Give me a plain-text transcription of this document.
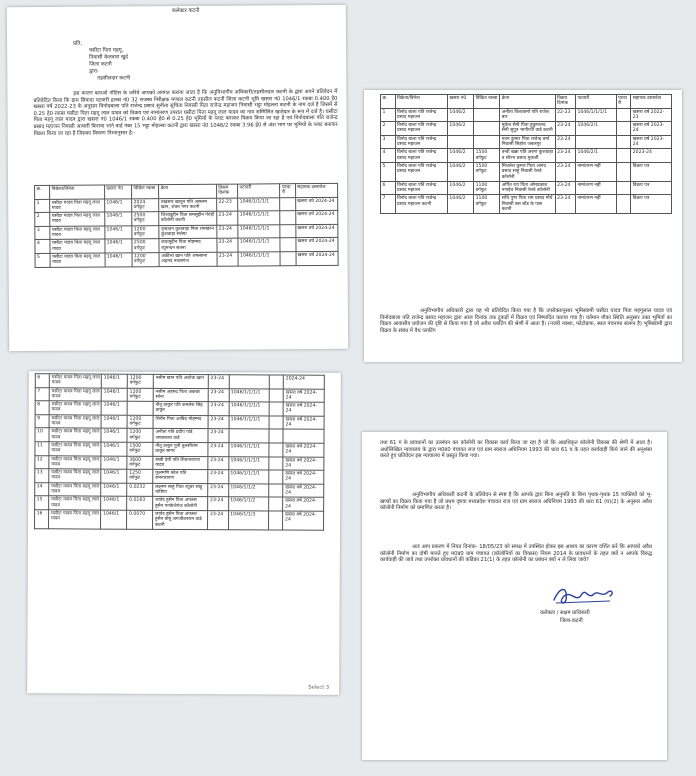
कलेक्टर कटनी
प्रति,
घसीटा पिता महगू,
निवासी केलवारा खुर्द
जिला कटनी
द्वारा-
तहसीलदार कटनी
इस कारण बताओ नोटिस के जरिये आपको अवगत कराया जाता है कि अनुविभागीय अधिकारी/तहसीलदार कटनी के द्वारा अपने प्रतिवेदन में प्रतिवेदित किया कि ग्राम सिवादा पटवारी हल्का नं0 32 राजस्व निरीक्षक मण्डल कटनी तहसील कटनी जिला कटनी भूमि खसरा नं0 1046/1 रकबा 0.400 हे0 खसरा वर्ष 2022-23 के अनुसार विनोदबाला पति राजेन्द्र प्रसाद सुनीता सुचिता निवासी पिता राजेन्द्र महाजन निवासी भट्टा मोहल्ला कटनी के नाम दर्ज है जिसमें से 0.25 हे0 रकबा घसीटा पिता महगू लाल यादव को विक्रय एवं नामांतरण उपरांत घसीटा पिता महगू लाल यादव का नाम सम्मिलित खातेदार के रूप में दर्ज है। घसीटा पिता महगू लाल यादव द्वारा खसरा नं0 1046/1 रकबा 0.400 हे0 से 0.25 हे0 भूमियों के प्लाट बनाकर विक्रय किया जा रहा है एवं विनोदबाला पति राजेन्द्र प्रसाद महाजन निवासी आधारी बिनाया भाने वार्ड नंबर 15 भट्टा मोहल्ला कटनी द्वारा खसरा नं0 1046/2 रकबा 3.96 हे0 से अंश भाग पर भूमियों के प्लाट बनाकर विक्रय किया जा रहा है जिसका विवरण निम्नानुसार है:-
क्र.	विक्रेता/विनेता	खसरा नं0	विक्रित रकबा	क्रेता	विक्रय दिनांक	पटवारी	पटवारी	सहायक दस्तावेज
1	घसीटा यादव पिता महगू लाल यादव	1046/1	2024 वर्गफुट	रुखसार खातून पति असलम खान, शंकर नगर कटनी	22-23	1046/1/1/1/1		खसरा वर्ष 2024-24
2	घसीटा यादव पिता महगू लाल यादव	1046/1	2500 वर्गफुट	जिलावुद्दीन पिता समसुद्दीन पेरुड़ी कॉलोनी कटनी	23-24	1046/1/1/1/1		खसरा वर्ष 2024-24
3	घसीटा यादव पिता महगू लाल यादव	1046/1	1200 वर्गफुट	वृन्दावन कुशवाहा पिता रामखरन कुशवाहा सलेया	23-24	1046/1/1/1/1		खसरा वर्ष 2024-24
4	घसीटा यादव पिता महगू लाल यादव	1046/1	2500 वर्गफुट	कयामुद्दीन पिता मोहम्मद रघुनन्दन सतना	23-24	1046/1/1/1/1		खसरा वर्ष 2024-24
5	घसीटा यादव पिता महगू लाल यादव	1046/1	1200 वर्गफुट	अकीला खान पति अफसाना अहमद नवाबगंज	23-24	1046/1/1/1/1		खसरा वर्ष 2024-24
क्र.	विक्रेता/विनेता	खसरा नं0	विक्रित रकबा	क्रेता	विक्रय दिनांक	पटवारी	पटवारी	सहायक दस्तावेज
1	विनोद बाला पति राजेन्द्र प्रसाद महाजन	1046/2		अनीता विश्वकर्मा पति राजेश बार	22-23	1046/1/1/1/1		खसरा वर्ष 2022-23
2	विनोद बाला पति राजेन्द्र प्रसाद महाजन	1046/2		मुकेश सैनी पिता हुकुमचन्द सैनी सुपुत्र भागीरथी वार्ड कटनी	23-24	1046/2/1		खसरा वर्ष 2023-24
3	विनोद बाला पति राजेन्द्र प्रसाद महाजन			पवन कुमार पिता राजेन्द्र वर्मा निवासी सिहोरा जबलपुर	23-24			खसरा वर्ष 2023-24
4	विनोद बाला पति राजेन्द्र प्रसाद महाजन	1046/2	1500 वर्गफुट	तन्वी खन्ना पति अरुण कुशवाहा व सौरभ प्रसाद मुकर्जी	23-24	1046/2/1		2023-24
5	विनोद बाला पति राजेन्द्र प्रसाद महाजन	1046/2	1500 वर्गफुट	मिथलेश कुमार पिता आनंद प्रसाद साहू निवासी रेलवे कॉलोनी	23-24	नामांतरण नहीं		विक्रय पत्र
6	विनोद बाला पति राजेन्द्र प्रसाद महाजन	1046/2	1100 वर्गफुट	अर्पित राय पिता ओमप्रकाश नगाईच निवासी रेलवे कॉलोनी	23-24	नामांतरण नहीं		विक्रय पत्र
7	विनोद बाला पति राजेन्द्र प्रसाद महाजन कटनी	1046/2	1100 वर्गफुट	सचि पुष्प पिता राम प्रसाद मौर्य निवासी बस स्टैंड के पास कटनी	23-24	नामांतरण नहीं		विक्रय पत्र
अनुविभागीय अधिकारी द्वारा यह भी प्रतिवेदित किया गया है कि उपरोक्तानुसार भूमिस्वामी घसीटा यादव पिता महगूलाल यादव एवं विनोदबाला पति राजेन्द्र प्रसाद महाजन द्वारा आज दिनांक तक टुकड़ों में विक्रय एवं निष्पादित कराया गया है। वर्तमान मौका स्थिति अनुसार उक्त भूमियों का विक्रय आवासीय प्रयोजन की दृष्टि से किया गया है जो अवैध प्लाटिंग की श्रेणी में आता है। (नजरी नक्शा, फोटोग्राफ, स्थल पंचनामा संलग्न है) भूमिस्वामी द्वारा विक्रय के संबंध में वैध प्लाटिंग
6	घसीटा यादव पिता महगू लाल यादव	1046/1	1200 वर्गफुट	नसीम खान पति अशोक खान	23-24			2024-24
7	घसीटा यादव पिता महगू लाल यादव	1046/1	1200 वर्गफुट	नसीम अहमद पिता अकबर सोना	23-24	1046/1/1/1/1		खसरा वर्ष 2024-24
8	घसीटा यादव पिता महगू लाल यादव	1046/1		नीतू ठाकुर पति कमलेश सिंह ठाकुर	23-24	1046/1/1/1/1		खसरा वर्ष 2024-24
9	घसीटा यादव पिता महगू लाल यादव	1046/1	1200 वर्गफुट	शिरीन पिता आबिद मोहम्मद	23-24	1046/1/1/1/1		खसरा वर्ष 2024-24
10	घसीटा यादव पिता महगू लाल यादव	1046/1	1200 वर्गफुट	अनीता पति प्रदीप पांडे जयप्रकाश वार्ड	23-24			
11	घसीटा यादव पिता महगू लाल यादव	1046/1	1500 वर्गफुट	नीतू ठाकुर पुत्री तुलसीराम ठाकुर सागर	23-24	1046/1/1/1/1		खसरा वर्ष 2024-24
12	घसीटा यादव पिता महगू लाल यादव	1046/1	3600 वर्गफुट	बब्बी देवी पति शिवनारायण यादव	23-24	1046/1/1/1/1		खसरा वर्ष 2024-24
13	घसीटा यादव पिता महगू लाल यादव	1046/1	1250 वर्गफुट	फूलमणि कोल पति रामनारायण	23-24	1046/1/1/1/1		खसरा वर्ष 2024-24
14	घसीटा यादव पिता महगू लाल यादव	1046/1	0.0232	लक्ष्मण साहू पिता रघुवर साहू चांडिया	23-24	1046/1/1/2		खसरा वर्ष 2024-24
15	घसीटा यादव पिता महगू लाल यादव	1046/1	0.0163	जावेद हुसैन पिता अफसर हुसैन एनकेजेगंज कॉलोनी	23-24	1046/1/1/2		खसरा वर्ष 2024-24
16	घसीटा यादव पिता महगू लाल यादव	1046/1	0.0070	जावेद हुसैन पिता अफसर हुसैन बाबू जगजीवनराम वार्ड कटनी	23-24	1046/1/1/3		खसरा वर्ष 2024-24
Select 3
तथा 61 ग के प्रावधानों का उल्लंघन कर कॉलोनी का विकास कार्य किया जा रहा है जो कि अप्राधिकृत कॉलोनी विकास की श्रेणी में आता है। अधोलिखित न्यायालय के द्वारा म0प्र0 पंचायत राज एवं ग्राम स्वराज अधिनियम 1993 की धारा 61 घ के तहत कार्यवाही किये जाने की अनुशंसा करते हुए प्रतिवेदन इस न्यायालय में प्रस्तुत किया गया।
अनुविभागीय अधिकारी कटनी के प्रतिवेदन से स्पष्ट है कि आपके द्वारा बिना अनुमति के बिना पृथक-पृथक 15 व्यक्तियों को भू-खण्डों का विक्रय किया गया है जो प्रथम दृष्टया मध्यप्रदेश पंचायत राज एवं ग्राम स्वराज अधिनियम 1993 की धारा 61 (घ)(2) के अनुसार अवैध कॉलोनी निर्माण को प्रमाणित करता है।
अतः आप प्रकरण में नियत दिनांक- 18/05/23 को समक्ष में उपस्थित होकर इस आशय का कारण दर्शित करें कि आपको अवैध कॉलोनी निर्माण का दोषी मानते हुए म0प्र0 ग्राम पंचायत (कॉलोनियों का विकास) नियम 2014 के प्रावधानों के तहत क्यों न आपके विरुद्ध कार्यवाही की जावे तथा उपरोक्त प्रावधानों की कंडिका 21(1) के तहत कॉलोनी का प्रबंधन क्यों न ले लिया जावे?
कलेक्टर / सक्षम प्राधिकारी
जिला-कटनी
